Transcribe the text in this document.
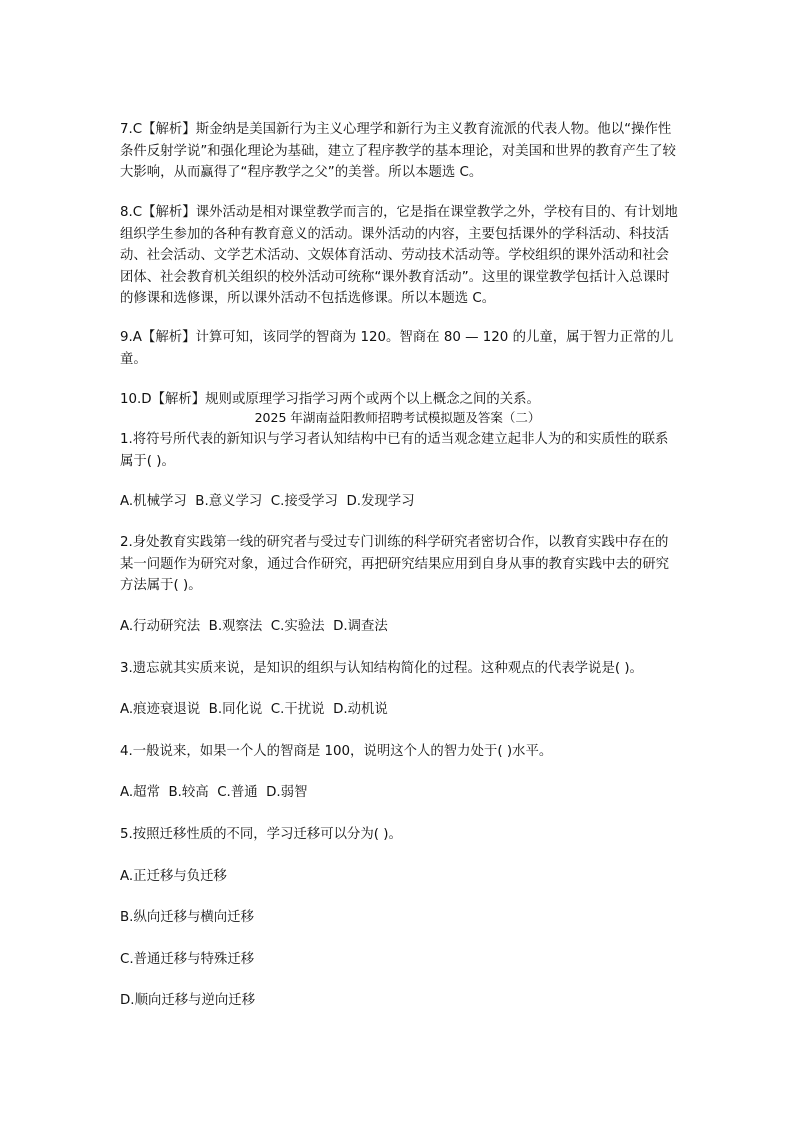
7.C【解析】斯金纳是美国新行为主义心理学和新行为主义教育流派的代表人物。他以“操作性条件反射学说”和强化理论为基础，建立了程序教学的基本理论，对美国和世界的教育产生了较大影响，从而赢得了“程序教学之父”的美誉。所以本题选 C。

8.C【解析】课外活动是相对课堂教学而言的，它是指在课堂教学之外，学校有目的、有计划地组织学生参加的各种有教育意义的活动。课外活动的内容，主要包括课外的学科活动、科技活动、社会活动、文学艺术活动、文娱体育活动、劳动技术活动等。学校组织的课外活动和社会团体、社会教育机关组织的校外活动可统称“课外教育活动”。这里的课堂教学包括计入总课时的修课和选修课，所以课外活动不包括选修课。所以本题选 C。

9.A【解析】计算可知，该同学的智商为 120。智商在 80 — 120 的儿童，属于智力正常的儿童。

10.D【解析】规则或原理学习指学习两个或两个以上概念之间的关系。

2025 年湖南益阳教师招聘考试模拟题及答案（二）

1.将符号所代表的新知识与学习者认知结构中已有的适当观念建立起非人为的和实质性的联系属于( )。

A.机械学习  B.意义学习  C.接受学习  D.发现学习

2.身处教育实践第一线的研究者与受过专门训练的科学研究者密切合作，以教育实践中存在的某一问题作为研究对象，通过合作研究，再把研究结果应用到自身从事的教育实践中去的研究方法属于( )。

A.行动研究法  B.观察法  C.实验法  D.调查法

3.遗忘就其实质来说，是知识的组织与认知结构简化的过程。这种观点的代表学说是( )。

A.痕迹衰退说  B.同化说  C.干扰说  D.动机说

4.一般说来，如果一个人的智商是 100，说明这个人的智力处于( )水平。

A.超常  B.较高  C.普通  D.弱智

5.按照迁移性质的不同，学习迁移可以分为( )。

A.正迁移与负迁移

B.纵向迁移与横向迁移

C.普通迁移与特殊迁移

D.顺向迁移与逆向迁移
